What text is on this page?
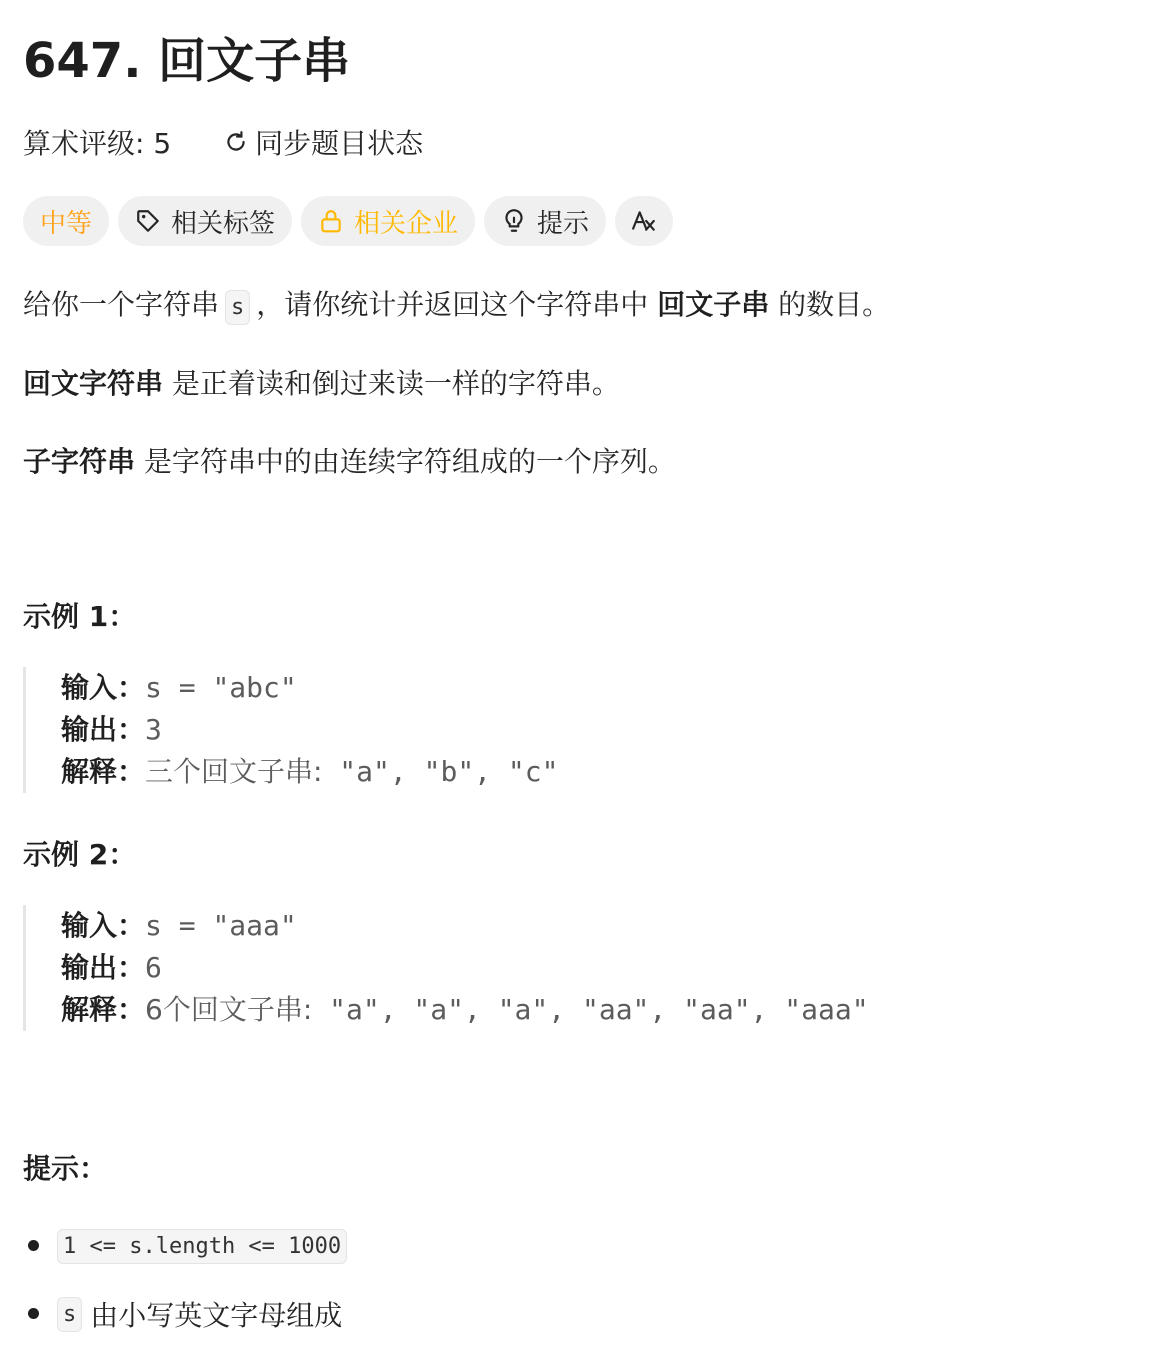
647. 回文子串
算术评级: 5	同步题目状态
中等	相关标签	相关企业	提示
给你一个字符串 s ，请你统计并返回这个字符串中 回文子串 的数目。
回文字符串 是正着读和倒过来读一样的字符串。
子字符串 是字符串中的由连续字符组成的一个序列。
示例 1：
输入：s = "abc"
输出：3
解释：三个回文子串: "a", "b", "c"
示例 2：
输入：s = "aaa"
输出：6
解释：6个回文子串: "a", "a", "a", "aa", "aa", "aaa"
提示：
1 <= s.length <= 1000
s 由小写英文字母组成
